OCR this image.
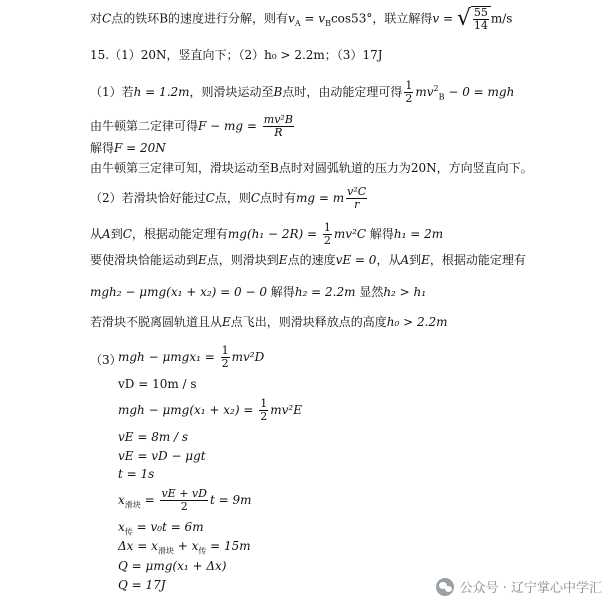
对C点的铁环B的速度进行分解，则有$v_A = v_B\cos 53^\circ$，联立解得v = √ $\frac{55}{14} m/s$
15.（1）20N，竖直向下；（2）h₀ > 2.2m；（3）17J
（1）若h = 1.2m，则滑块运动至B点时，由动能定理可得 $\frac{1}{2} mv^2_B - 0$ = mgh
由牛顿第二定律可得F − mg = $\frac{\text{mv²B}}{R}$
解得F = 20N
由牛顿第三定律可知，滑块运动至B点时对圆弧轨道的压力为20N，方向竖直向下。
（2）若滑块恰好能过C点，则C点时有mg = m $\frac{\text{v²C}}{r}$
从A到C，根据动能定理有$mg(h_1 - 2R) = \frac{1}{2} mv^2C$ 解得h₁ = 2m
要使滑块恰能运动到E点，则滑块到E点的速度vE = 0，从A到E，根据动能定理有
mgh₂ − μmg(x₁ + x₂) = 0 − 0 解得h₂ = 2.2m 显然h₂ > h₁
若滑块不脱离圆轨道且从E点飞出，则滑块释放点的高度h₀ > 2.2m
（3）
mgh − $\mu mgx_1 = \frac{1}{2} mv^2D$
vD = 10m / s
mgh − $\mu mg(x_1 + x_2) = \frac{1}{2} mv^2E$
vE = 8m / s
vE = vD − μgt
t = 1s
$x_{滑块} = \frac{vE + vD}{2}$ t = 9m
$x_传 = v_0t = 6m$
$\Delta x = x_{滑块} + x_传 = 15m$
Q = μmg(x₁ + Δx)
Q = 17J	公众号 · 辽宁掌心中学汇
